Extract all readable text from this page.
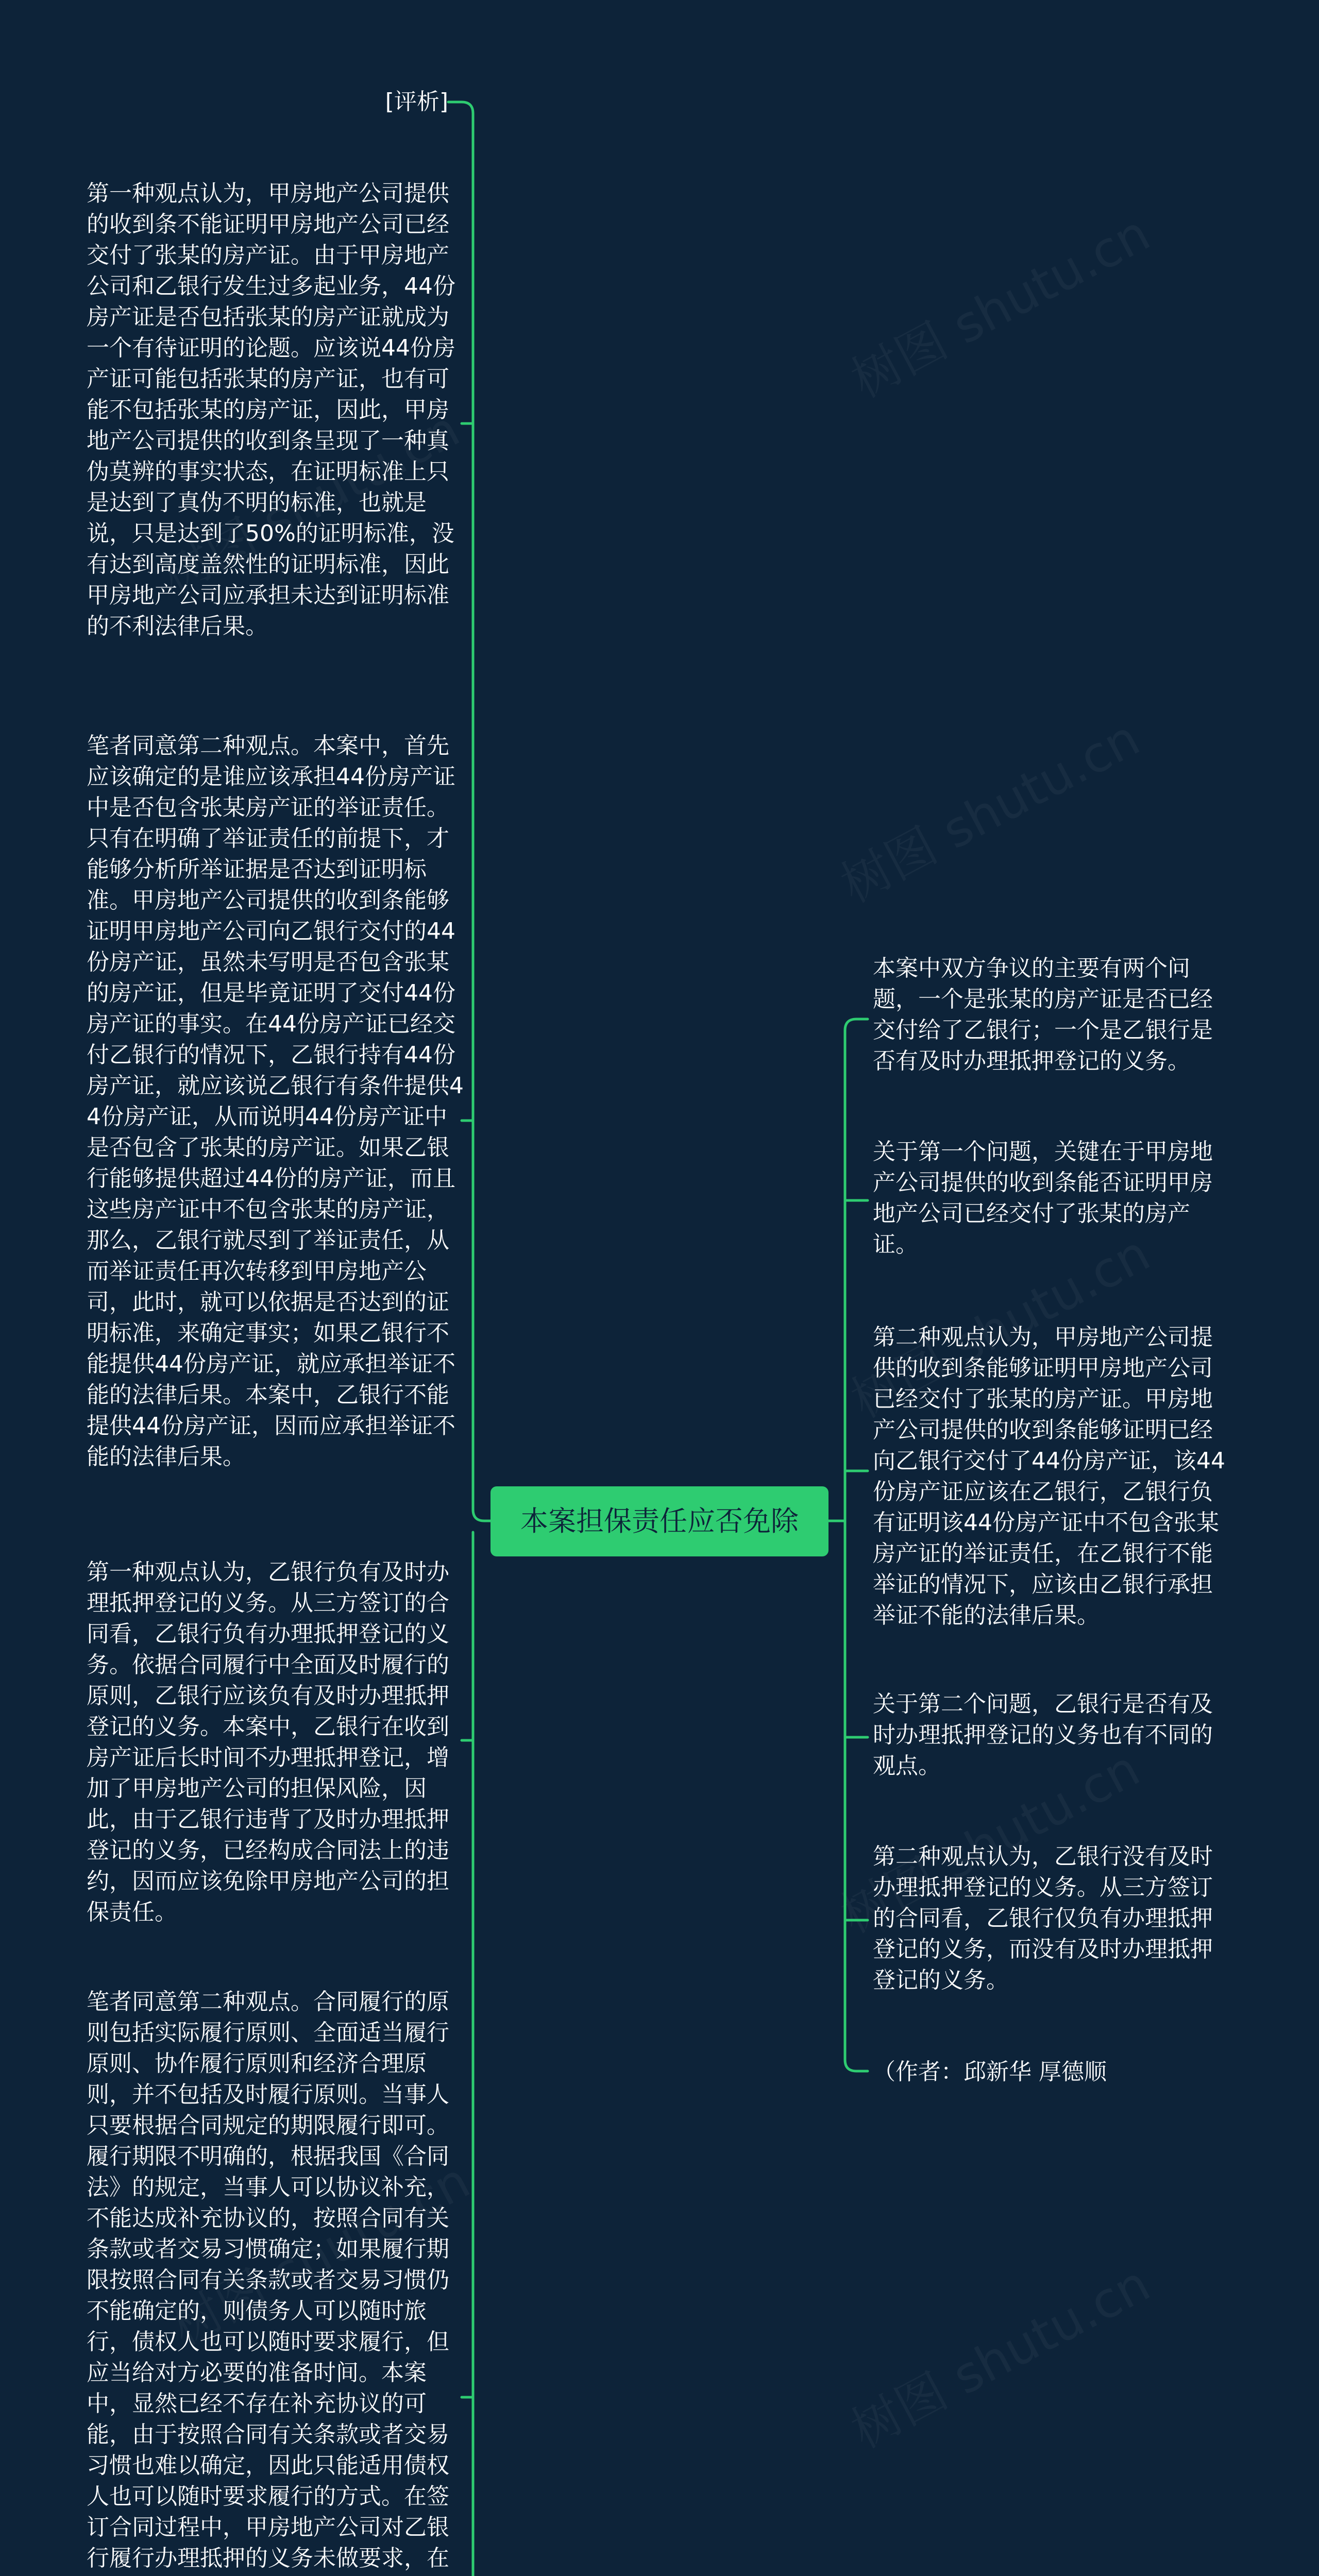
本案担保责任应否免除
[评析]
第一种观点认为，甲房地产公司提供的收到条不能证明甲房地产公司已经交付了张某的房产证。由于甲房地产公司和乙银行发生过多起业务，44份房产证是否包括张某的房产证就成为一个有待证明的论题。应该说44份房产证可能包括张某的房产证，也有可能不包括张某的房产证，因此，甲房地产公司提供的收到条呈现了一种真伪莫辨的事实状态，在证明标准上只是达到了真伪不明的标准，也就是说，只是达到了50%的证明标准，没有达到高度盖然性的证明标准，因此甲房地产公司应承担未达到证明标准的不利法律后果。
笔者同意第二种观点。本案中，首先应该确定的是谁应该承担44份房产证中是否包含张某房产证的举证责任。只有在明确了举证责任的前提下，才能够分析所举证据是否达到证明标准。甲房地产公司提供的收到条能够证明甲房地产公司向乙银行交付的44份房产证，虽然未写明是否包含张某的房产证，但是毕竟证明了交付44份房产证的事实。在44份房产证已经交付乙银行的情况下，乙银行持有44份房产证，就应该说乙银行有条件提供44份房产证，从而说明44份房产证中是否包含了张某的房产证。如果乙银行能够提供超过44份的房产证，而且这些房产证中不包含张某的房产证，那么，乙银行就尽到了举证责任，从而举证责任再次转移到甲房地产公司，此时，就可以依据是否达到的证明标准，来确定事实；如果乙银行不能提供44份房产证，就应承担举证不能的法律后果。本案中，乙银行不能提供44份房产证，因而应承担举证不能的法律后果。
第一种观点认为，乙银行负有及时办理抵押登记的义务。从三方签订的合同看，乙银行负有办理抵押登记的义务。依据合同履行中全面及时履行的原则，乙银行应该负有及时办理抵押登记的义务。本案中，乙银行在收到房产证后长时间不办理抵押登记，增加了甲房地产公司的担保风险，因此，由于乙银行违背了及时办理抵押登记的义务，已经构成合同法上的违约，因而应该免除甲房地产公司的担保责任。
笔者同意第二种观点。合同履行的原则包括实际履行原则、全面适当履行原则、协作履行原则和经济合理原则，并不包括及时履行原则。当事人只要根据合同规定的期限履行即可。履行期限不明确的，根据我国《合同法》的规定，当事人可以协议补充，不能达成补充协议的，按照合同有关条款或者交易习惯确定；如果履行期限按照合同有关条款或者交易习惯仍不能确定的，则债务人可以随时旅行，债权人也可以随时要求履行，但应当给对方必要的准备时间。本案中，显然已经不存在补充协议的可能，由于按照合同有关条款或者交易习惯也难以确定，因此只能适用债权人也可以随时要求履行的方式。在签订合同过程中，甲房地产公司对乙银行履行办理抵押的义务未做要求，在
本案中双方争议的主要有两个问题，一个是张某的房产证是否已经交付给了乙银行；一个是乙银行是否有及时办理抵押登记的义务。
关于第一个问题，关键在于甲房地产公司提供的收到条能否证明甲房地产公司已经交付了张某的房产证。
第二种观点认为，甲房地产公司提供的收到条能够证明甲房地产公司已经交付了张某的房产证。甲房地产公司提供的收到条能够证明已经向乙银行交付了44份房产证，该44份房产证应该在乙银行，乙银行负有证明该44份房产证中不包含张某房产证的举证责任，在乙银行不能举证的情况下，应该由乙银行承担举证不能的法律后果。
关于第二个问题，乙银行是否有及时办理抵押登记的义务也有不同的观点。
第二种观点认为，乙银行没有及时办理抵押登记的义务。从三方签订的合同看，乙银行仅负有办理抵押登记的义务，而没有及时办理抵押登记的义务。
（作者：邱新华 厚德顺
